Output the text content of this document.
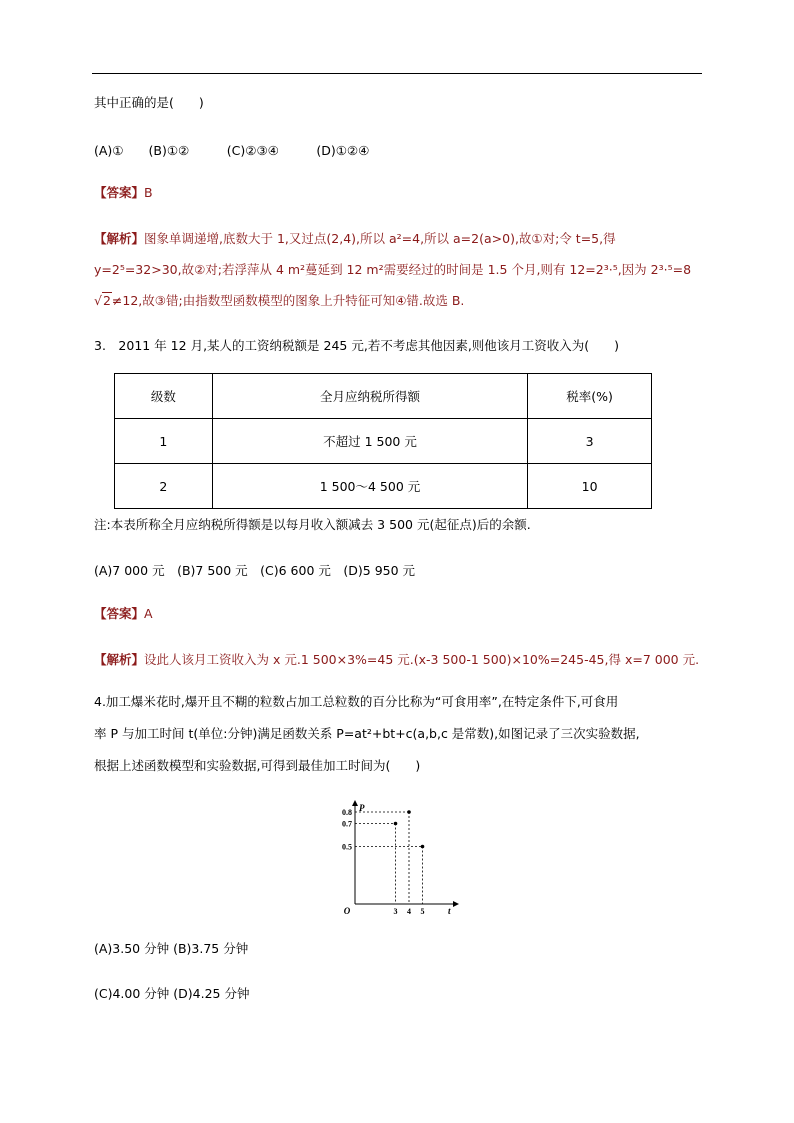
其中正确的是(　　)
(A)①　　(B)①②　　　(C)②③④　　　(D)①②④
【答案】B
【解析】图象单调递增,底数大于 1,又过点(2,4),所以 a²=4,所以 a=2(a>0),故①对;令 t=5,得
y=2⁵=32>30,故②对;若浮萍从 4 m²蔓延到 12 m²需要经过的时间是 1.5 个月,则有 12=2³·⁵,因为 2³·⁵=8
√2≠12,故③错;由指数型函数模型的图象上升特征可知④错.故选 B.
3.　2011 年 12 月,某人的工资纳税额是 245 元,若不考虑其他因素,则他该月工资收入为(　　)
级数	全月应纳税所得额	税率(%)
1	不超过 1 500 元	3
2	1 500～4 500 元	10
注:本表所称全月应纳税所得额是以每月收入额减去 3 500 元(起征点)后的余额.
(A)7 000 元　(B)7 500 元　(C)6 600 元　(D)5 950 元
【答案】A
【解析】设此人该月工资收入为 x 元.1 500×3%=45 元.(x-3 500-1 500)×10%=245-45,得 x=7 000 元.
4.加工爆米花时,爆开且不糊的粒数占加工总粒数的百分比称为“可食用率”,在特定条件下,可食用
率 P 与加工时间 t(单位:分钟)满足函数关系 P=at²+bt+c(a,b,c 是常数),如图记录了三次实验数据,
根据上述函数模型和实验数据,可得到最佳加工时间为(　　)
0.8
0.7
0.5
3 4 5
O
P
t
(A)3.50 分钟 (B)3.75 分钟
(C)4.00 分钟 (D)4.25 分钟
